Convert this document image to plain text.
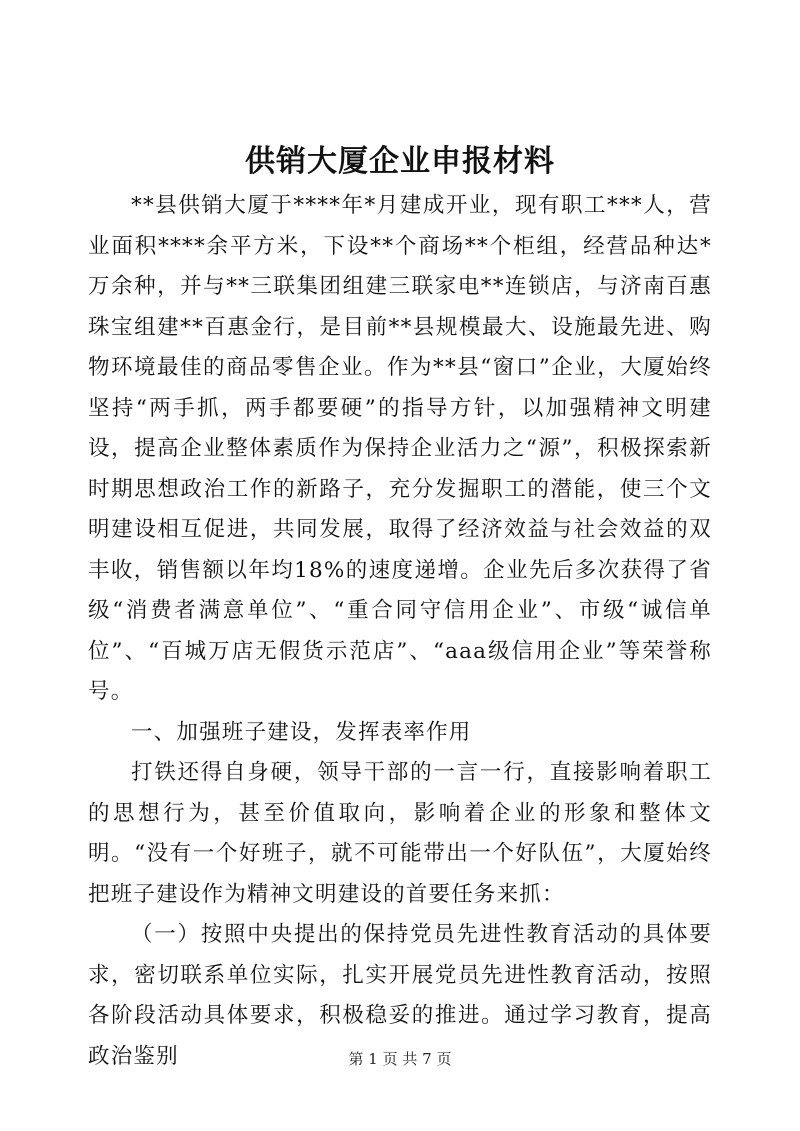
供销大厦企业申报材料

**县供销大厦于****年*月建成开业，现有职工***人，营业面积****余平方米，下设**个商场**个柜组，经营品种达*万余种，并与**三联集团组建三联家电**连锁店，与济南百惠珠宝组建**百惠金行，是目前**县规模最大、设施最先进、购物环境最佳的商品零售企业。作为**县“窗口”企业，大厦始终坚持“两手抓，两手都要硬”的指导方针，以加强精神文明建设，提高企业整体素质作为保持企业活力之“源”，积极探索新时期思想政治工作的新路子，充分发掘职工的潜能，使三个文明建设相互促进，共同发展，取得了经济效益与社会效益的双丰收，销售额以年均18%的速度递增。企业先后多次获得了省级“消费者满意单位”、“重合同守信用企业”、市级“诚信单位”、“百城万店无假货示范店”、“aaa级信用企业”等荣誉称号。

一、加强班子建设，发挥表率作用

打铁还得自身硬，领导干部的一言一行，直接影响着职工的思想行为，甚至价值取向，影响着企业的形象和整体文明。“没有一个好班子，就不可能带出一个好队伍”，大厦始终把班子建设作为精神文明建设的首要任务来抓：

（一）按照中央提出的保持党员先进性教育活动的具体要求，密切联系单位实际，扎实开展党员先进性教育活动，按照各阶段活动具体要求，积极稳妥的推进。通过学习教育，提高政治鉴别	第 1 页 共 7 页
